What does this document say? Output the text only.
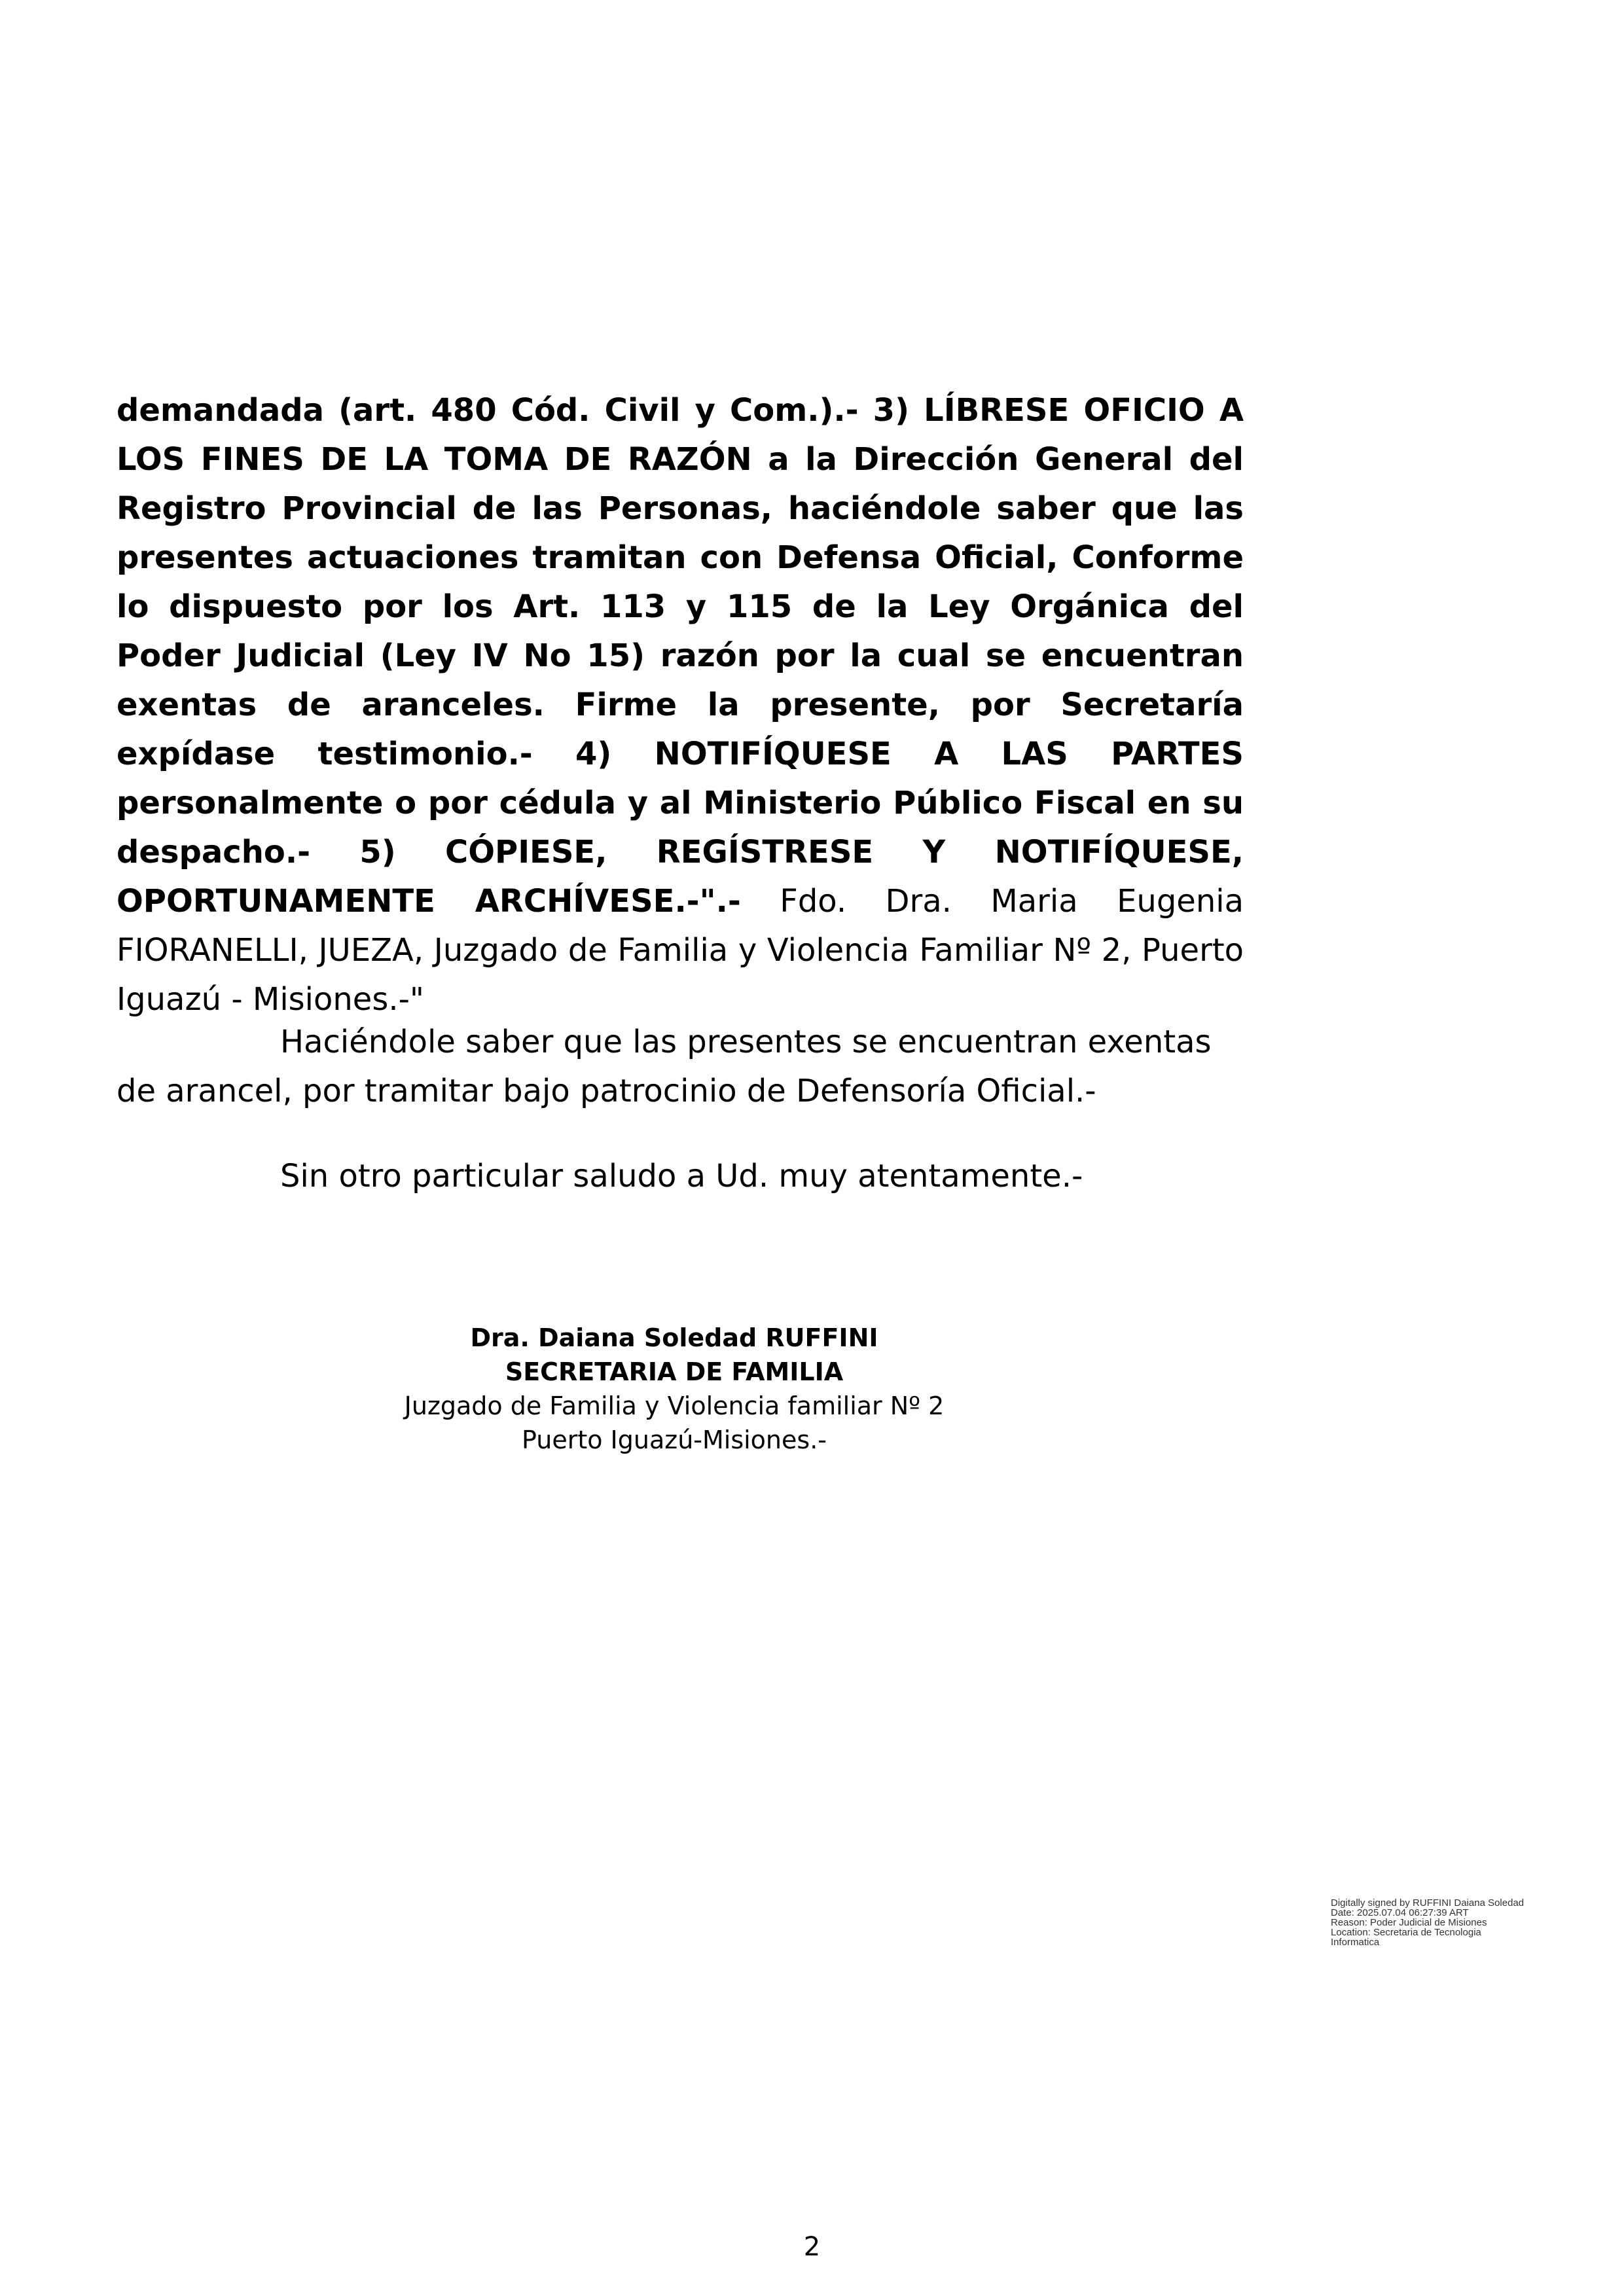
demandada (art. 480 Cód. Civil y Com.).- 3) LÍBRESE OFICIO A LOS FINES DE LA TOMA DE RAZÓN a la Dirección General del Registro Provincial de las Personas, haciéndole saber que las presentes actuaciones tramitan con Defensa Oficial, Conforme lo dispuesto por los Art. 113 y 115 de la Ley Orgánica del Poder Judicial (Ley IV No 15) razón por la cual se encuentran exentas de aranceles. Firme la presente, por Secretaría expídase testimonio.- 4) NOTIFÍQUESE A LAS PARTES personalmente o por cédula y al Ministerio Público Fiscal en su despacho.- 5) CÓPIESE, REGÍSTRESE Y NOTIFÍQUESE, OPORTUNAMENTE ARCHÍVESE.-".- Fdo. Dra. Maria Eugenia FIORANELLI, JUEZA, Juzgado de Familia y Violencia Familiar Nº 2, Puerto Iguazú - Misiones.-"

Haciéndole saber que las presentes se encuentran exentas de arancel, por tramitar bajo patrocinio de Defensoría Oficial.-

Sin otro particular saludo a Ud. muy atentamente.-

Dra. Daiana Soledad RUFFINI
SECRETARIA DE FAMILIA
Juzgado de Familia y Violencia familiar Nº 2
Puerto Iguazú-Misiones.-
Digitally signed by RUFFINI Daiana Soledad
Date: 2025.07.04 06:27:39 ART
Reason: Poder Judicial de Misiones
Location: Secretaria de Tecnologia Informatica
2
